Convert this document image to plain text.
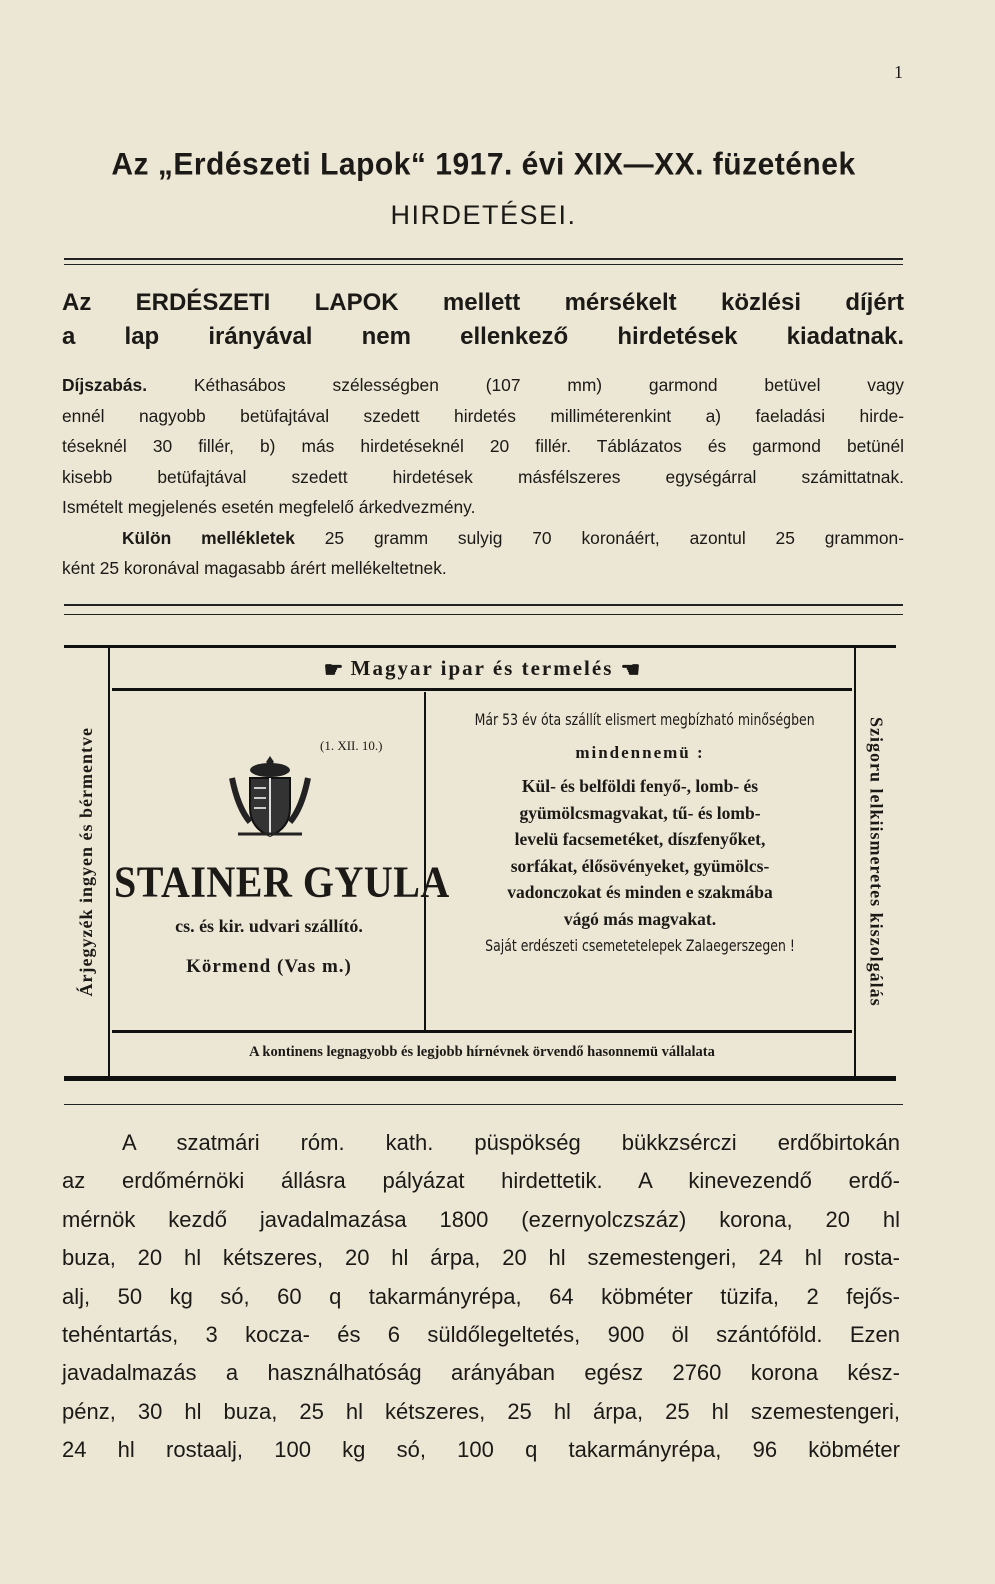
1
Az „Erdészeti Lapok“ 1917. évi XIX—XX. füzetének
HIRDETÉSEI.
Az ERDÉSZETI LAPOK mellett mérsékelt közlési díjért
a lap irányával nem ellenkező hirdetések kiadatnak.
Díjszabás.	Kéthasábos szélességben (107 mm) garmond betüvel vagy
ennél nagyobb betüfajtával szedett hirdetés milliméterenkint a) faeladási hirde-
téseknél 30 fillér, b) más hirdetéseknél 20 fillér. Táblázatos és garmond betünél
kisebb betüfajtával szedett hirdetések másfélszeres egységárral számittatnak.
Ismételt megjelenés esetén megfelelő árkedvezmény.
Külön mellékletek 25 gramm sulyig 70 koronáért, azontul 25 grammon-
ként 25 koronával magasabb árért mellékeltetnek.
Árjegyzék ingyen és bérmentve	Szigoru lelkiismeretes kiszolgálás
☛ Magyar ipar és termelés ☚
(1. XII. 10.)
STAINER GYULA
cs. és kir. udvari szállító.
Körmend (Vas m.)
Már 53 év óta szállít elismert megbízható minőségben
mindennemü :
Kül- és belföldi fenyő-, lomb- és
gyümölcsmagvakat, tű- és lomb-
levelü facsemetéket, díszfenyőket,
sorfákat, élősövényeket, gyümölcs-
vadonczokat és minden e szakmába
vágó más magvakat.
Saját erdészeti csemetetelepek Zalaegerszegen !
A kontinens legnagyobb és legjobb hírnévnek örvendő hasonnemü vállalata
A szatmári róm. kath. püspökség bükkzsérczi erdőbirtokán
az erdőmérnöki állásra pályázat hirdettetik. A kinevezendő erdő-
mérnök kezdő javadalmazása 1800 (ezernyolczszáz) korona, 20 hl
buza, 20 hl kétszeres, 20 hl árpa, 20 hl szemestengeri, 24 hl rosta-
alj, 50 kg só, 60 q takarmányrépa, 64 köbméter tüzifa, 2 fejős-
tehéntartás, 3 kocza- és 6 süldőlegeltetés, 900 öl szántóföld. Ezen
javadalmazás a használhatóság arányában egész 2760 korona kész-
pénz, 30 hl buza, 25 hl kétszeres, 25 hl árpa, 25 hl szemestengeri,
24 hl rostaalj, 100 kg só, 100 q takarmányrépa, 96 köbméter
